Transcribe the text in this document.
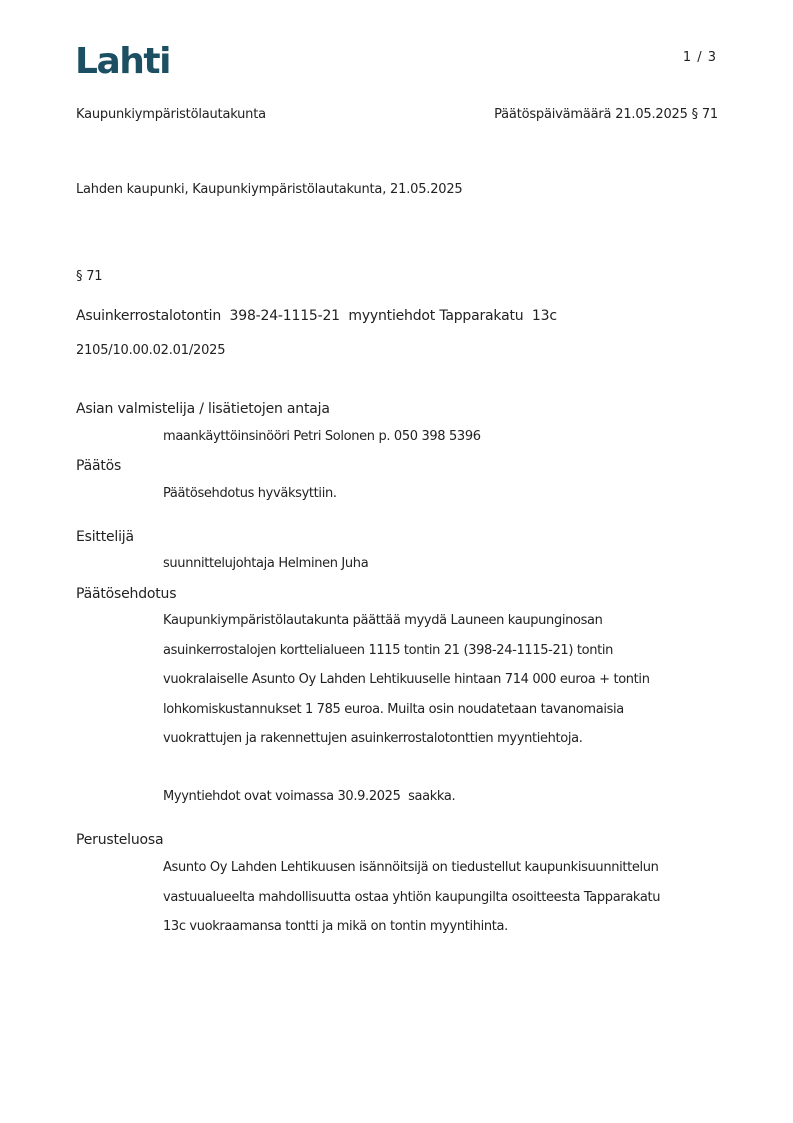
Lahti	1 / 3
Kaupunkiympäristölautakunta	Päätöspäivämäärä 21.05.2025 § 71
Lahden kaupunki, Kaupunkiympäristölautakunta, 21.05.2025
§ 71
Asuinkerrostalotontin  398-24-1115-21  myyntiehdot Tapparakatu  13c
2105/10.00.02.01/2025
Asian valmistelija / lisätietojen antaja
maankäyttöinsinööri Petri Solonen p. 050 398 5396
Päätös
Päätösehdotus hyväksyttiin.
Esittelijä
suunnittelujohtaja Helminen Juha
Päätösehdotus
Kaupunkiympäristölautakunta päättää myydä Launeen kaupunginosan
asuinkerrostalojen korttelialueen 1115 tontin 21 (398-24-1115-21) tontin
vuokralaiselle Asunto Oy Lahden Lehtikuuselle hintaan 714 000 euroa + tontin
lohkomiskustannukset 1 785 euroa. Muilta osin noudatetaan tavanomaisia
vuokrattujen ja rakennettujen asuinkerrostalotonttien myyntiehtoja.
Myyntiehdot ovat voimassa 30.9.2025  saakka.
Perusteluosa
Asunto Oy Lahden Lehtikuusen isännöitsijä on tiedustellut kaupunkisuunnittelun
vastuualueelta mahdollisuutta ostaa yhtiön kaupungilta osoitteesta Tapparakatu
13c vuokraamansa tontti ja mikä on tontin myyntihinta.
